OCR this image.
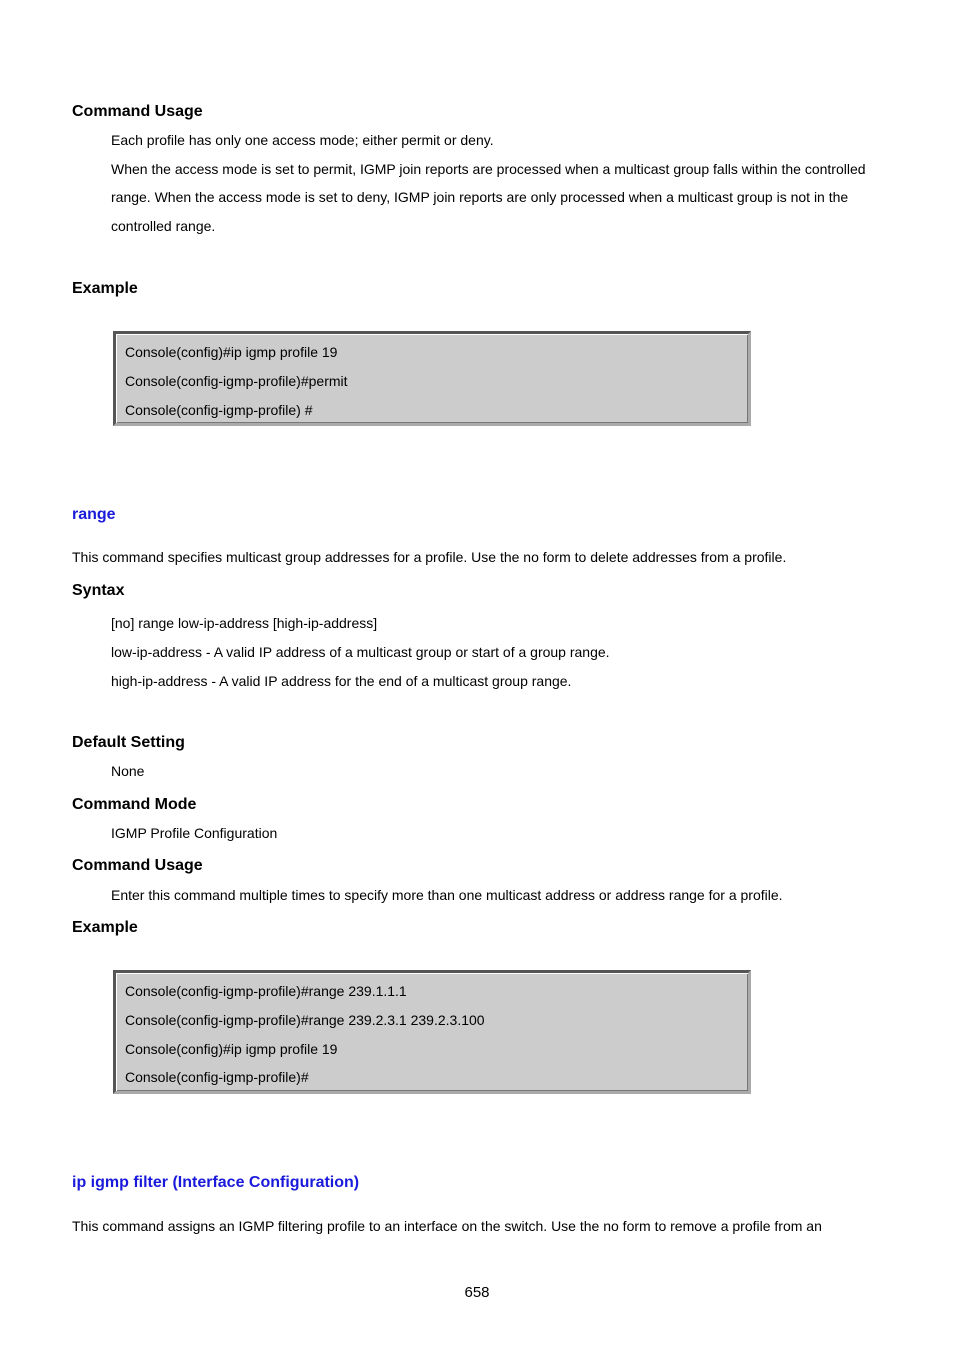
Command Usage
Each profile has only one access mode; either permit or deny.
When the access mode is set to permit, IGMP join reports are processed when a multicast group falls within the controlled
range. When the access mode is set to deny, IGMP join reports are only processed when a multicast group is not in the
controlled range.
Example
Console(config)#ip igmp profile 19
Console(config-igmp-profile)#permit
Console(config-igmp-profile) #
range
This command specifies multicast group addresses for a profile. Use the no form to delete addresses from a profile.
Syntax
[no] range low-ip-address [high-ip-address]
low-ip-address - A valid IP address of a multicast group or start of a group range.
high-ip-address - A valid IP address for the end of a multicast group range.
Default Setting
None
Command Mode
IGMP Profile Configuration
Command Usage
Enter this command multiple times to specify more than one multicast address or address range for a profile.
Example
Console(config-igmp-profile)#range 239.1.1.1
Console(config-igmp-profile)#range 239.2.3.1 239.2.3.100
Console(config)#ip igmp profile 19
Console(config-igmp-profile)#
ip igmp filter (Interface Configuration)
This command assigns an IGMP filtering profile to an interface on the switch. Use the no form to remove a profile from an
658
